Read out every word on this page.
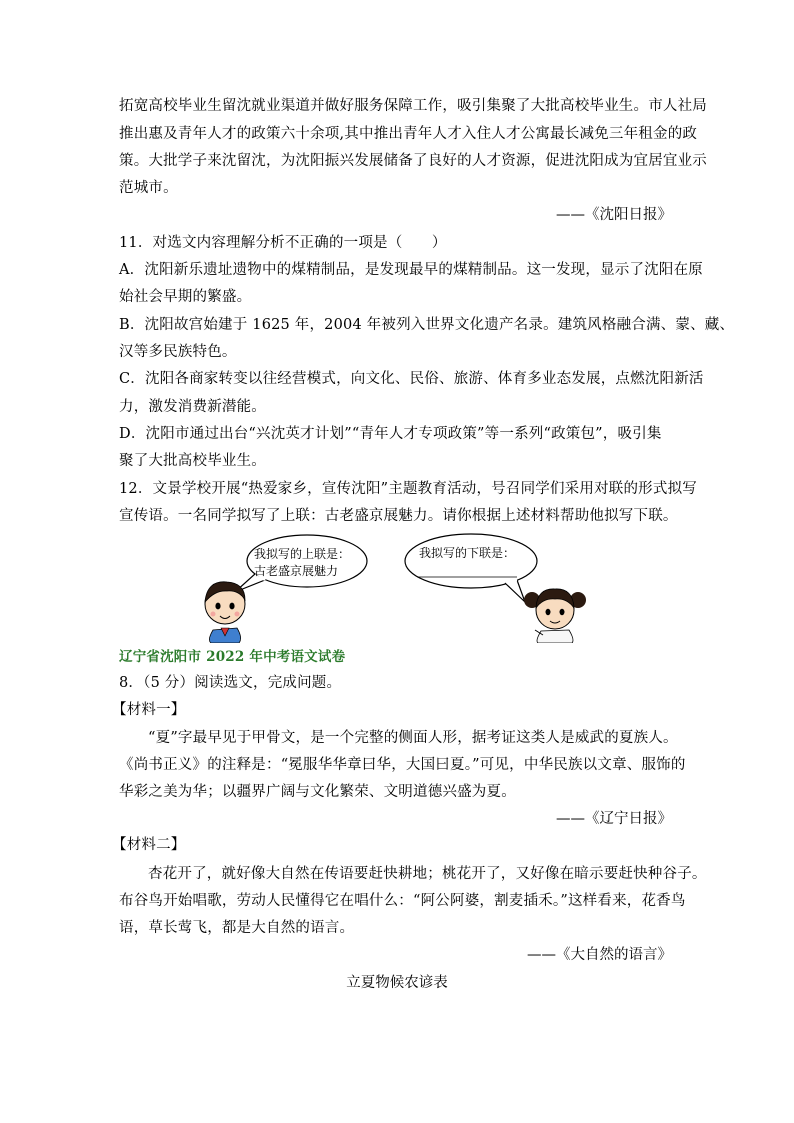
拓宽高校毕业生留沈就业渠道并做好服务保障工作，吸引集聚了大批高校毕业生。市人社局
推出惠及青年人才的政策六十余项,其中推出青年人才入住人才公寓最长减免三年租金的政
策。大批学子来沈留沈，为沈阳振兴发展储备了良好的人才资源，促进沈阳成为宜居宜业示
范城市。
——《沈阳日报》
11．对选文内容理解分析不正确的一项是（　　）
A．沈阳新乐遗址遗物中的煤精制品，是发现最早的煤精制品。这一发现，显示了沈阳在原
始社会早期的繁盛。
B．沈阳故宫始建于 1625 年，2004 年被列入世界文化遗产名录。建筑风格融合满、蒙、藏、
汉等多民族特色。
C．沈阳各商家转变以往经营模式，向文化、民俗、旅游、体育多业态发展，点燃沈阳新活
力，激发消费新潜能。
D．沈阳市通过出台“兴沈英才计划”“青年人才专项政策”等一系列“政策包”，吸引集
聚了大批高校毕业生。
12．文景学校开展“热爱家乡，宣传沈阳”主题教育活动，号召同学们采用对联的形式拟写
宣传语。一名同学拟写了上联：古老盛京展魅力。请你根据上述材料帮助他拟写下联。
我拟写的上联是：
古老盛京展魅力
我拟写的下联是：
辽宁省沈阳市 2022 年中考语文试卷
8．（5 分）阅读选文，完成问题。
【材料一】
“夏”字最早见于甲骨文，是一个完整的侧面人形，据考证这类人是威武的夏族人。
《尚书正义》的注释是：“冕服华华章曰华，大国曰夏。”可见，中华民族以文章、服饰的
华彩之美为华；以疆界广阔与文化繁荣、文明道德兴盛为夏。
——《辽宁日报》
【材料二】
杏花开了，就好像大自然在传语要赶快耕地；桃花开了，又好像在暗示要赶快种谷子。
布谷鸟开始唱歌，劳动人民懂得它在唱什么：“阿公阿婆，割麦插禾。”这样看来，花香鸟
语，草长莺飞，都是大自然的语言。
——《大自然的语言》
立夏物候农谚表
